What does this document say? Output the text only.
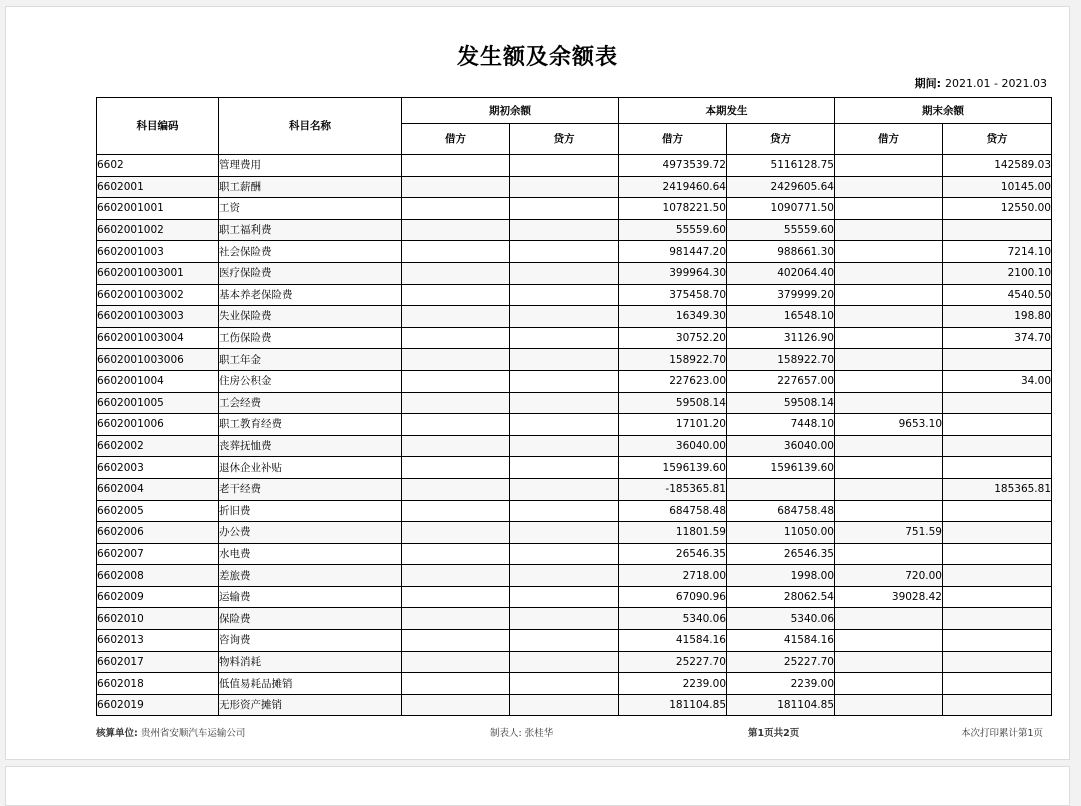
发生额及余额表
期间: 2021.01 - 2021.03
科目编码	科目名称	期初余额		本期发生		期末余额	
		借方	贷方	借方	贷方	借方	贷方
6602	管理费用			4973539.72	5116128.75		142589.03
6602001	职工薪酬			2419460.64	2429605.64		10145.00
6602001001	工资			1078221.50	1090771.50		12550.00
6602001002	职工福利费			55559.60	55559.60		
6602001003	社会保险费			981447.20	988661.30		7214.10
6602001003001	医疗保险费			399964.30	402064.40		2100.10
6602001003002	基本养老保险费			375458.70	379999.20		4540.50
6602001003003	失业保险费			16349.30	16548.10		198.80
6602001003004	工伤保险费			30752.20	31126.90		374.70
6602001003006	职工年金			158922.70	158922.70		
6602001004	住房公积金			227623.00	227657.00		34.00
6602001005	工会经费			59508.14	59508.14		
6602001006	职工教育经费			17101.20	7448.10	9653.10	
6602002	丧葬抚恤费			36040.00	36040.00		
6602003	退休企业补贴			1596139.60	1596139.60		
6602004	老干经费			-185365.81			185365.81
6602005	折旧费			684758.48	684758.48		
6602006	办公费			11801.59	11050.00	751.59	
6602007	水电费			26546.35	26546.35		
6602008	差旅费			2718.00	1998.00	720.00	
6602009	运输费			67090.96	28062.54	39028.42	
6602010	保险费			5340.06	5340.06		
6602013	咨询费			41584.16	41584.16		
6602017	物料消耗			25227.70	25227.70		
6602018	低值易耗品摊销			2239.00	2239.00		
6602019	无形资产摊销			181104.85	181104.85		
核算单位: 贵州省安顺汽车运输公司	制表人: 张桂华	第1页共2页	本次打印累计第1页
